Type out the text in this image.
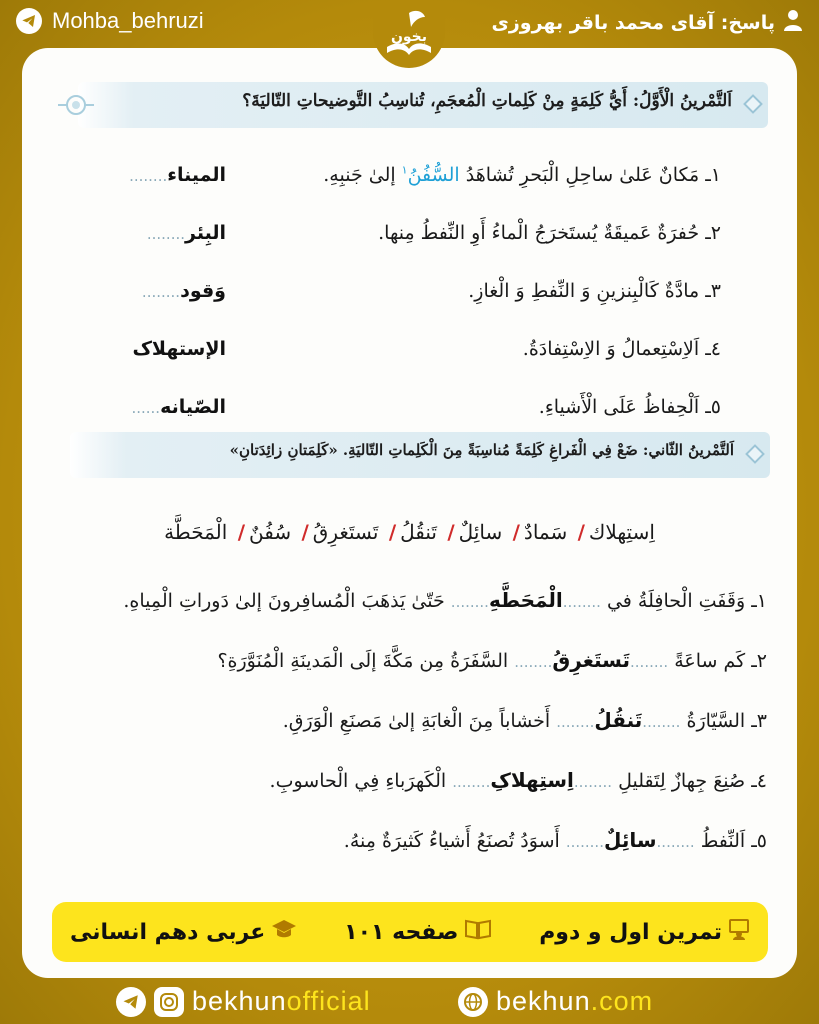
Mohba_behruzi	پاسخ: آقای محمد باقر بهروزی
بخون
اَلتَّمْرينُ الْأَوَّلُ: أَيُّ كَلِمَةٍ مِنْ كَلِماتِ الْمُعجَمِ، تُناسِبُ التَّوضيحاتِ التّاليَةَ؟
١ـ مَكانٌ عَلىٰ ساحِلِ الْبَحرِ تُشاهَدُ السُّفُنُ$^١$ إلىٰ جَنبِهِ.
المیناء........
٢ـ حُفرَةٌ عَميقَةٌ يُستَخرَجُ الْماءُ أَوِ النِّفطُ مِنها.
البِئر........
٣ـ مادَّةٌ كَالْبِنزينِ وَ النِّفطِ وَ الْغازِ.
وَقود........
٤ـ اَلاِسْتِعمالُ وَ الاِسْتِفادَةُ.
الإستهلاک
٥ـ اَلْحِفاظُ عَلَى الْأَشياءِ.
الصّیانه......
اَلتَّمْرينُ الثّاني: ضَعْ فِي الْفَراغِ كَلِمَةً مُناسِبَةً مِنَ الْكَلِماتِ التّاليَةِ. «كَلِمَتانِ زائِدَتانِ»
اِستِهلاك/ سَمادٌ/ سائِلٌ/ تَنقُلُ/ تَستَغرِقُ/ سُفُنٌ/ الْمَحَطَّة
١ـ وَقَفَتِ الْحافِلَةُ في ........الْمَحَطَّهِ........ حَتّىٰ يَذهَبَ الْمُسافِرونَ إلىٰ دَوراتِ الْمِياهِ.
٢ـ كَم ساعَةً ........تَستَغرِقُ........ السَّفَرَةُ مِن مَكَّةَ إلَى الْمَدينَةِ الْمُنَوَّرَةِ؟
٣ـ السَّيّارَةُ ........تَنقُلُ........ أَخشاباً مِنَ الْغابَةِ إلىٰ مَصنَعِ الْوَرَقِ.
٤ـ صُنِعَ جِهازٌ لِتَقليلِ ........اِستِهلاکِ........ الْكَهرَباءِ فِي الْحاسوبِ.
٥ـ اَلنِّفطُ ........سائِلٌ........ أَسوَدُ تُصنَعُ أَشياءُ كَثيرَةٌ مِنهُ.
تمرین اول و دوم
صفحه ١٠١
عربی دهم انسانی
bekhunofficial	bekhun.com
